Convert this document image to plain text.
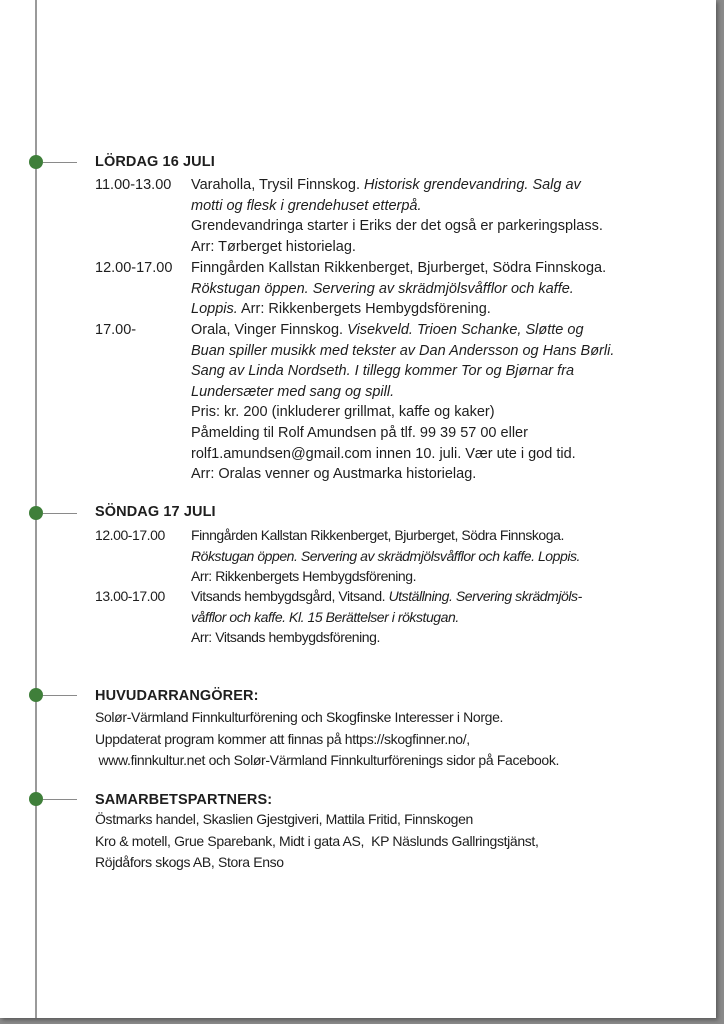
LÖRDAG 16 JULI
11.00-13.00 Varaholla, Trysil Finnskog. Historisk grendevandring. Salg av
motti og flesk i grendehuset etterpå.
Grendevandringa starter i Eriks der det også er parkeringsplass.
Arr: Tørberget historielag.
12.00-17.00 Finngården Kallstan Rikkenberget, Bjurberget, Södra Finnskoga.
Rökstugan öppen. Servering av skrädmjölsvåfflor och kaffe.
Loppis. Arr: Rikkenbergets Hembygdsförening.
17.00-	Orala, Vinger Finnskog. Visekveld. Trioen Schanke, Sløtte og
Buan spiller musikk med tekster av Dan Andersson og Hans Børli.
Sang av Linda Nordseth. I tillegg kommer Tor og Bjørnar fra
Lundersæter med sang og spill.
Pris: kr. 200 (inkluderer grillmat, kaffe og kaker)
Påmelding til Rolf Amundsen på tlf. 99 39 57 00 eller
rolf1.amundsen@gmail.com innen 10. juli. Vær ute i god tid.
Arr: Oralas venner og Austmarka historielag.
SÖNDAG 17 JULI
12.00-17.00 Finngården Kallstan Rikkenberget, Bjurberget, Södra Finnskoga.
Rökstugan öppen. Servering av skrädmjölsvåfflor och kaffe. Loppis.
Arr: Rikkenbergets Hembygdsförening.
13.00-17.00 Vitsands hembygdsgård, Vitsand. Utställning. Servering skrädmjöls-
våfflor och kaffe. Kl. 15 Berättelser i rökstugan.
Arr: Vitsands hembygdsförening.
HUVUDARRANGÖRER:
Solør-Värmland Finnkulturförening och Skogfinske Interesser i Norge.
Uppdaterat program kommer att finnas på https://skogfinner.no/,
www.finnkultur.net och Solør-Värmland Finnkulturförenings sidor på Facebook.
SAMARBETSPARTNERS:
Östmarks handel, Skaslien Gjestgiveri, Mattila Fritid, Finnskogen
Kro & motell, Grue Sparebank, Midt i gata AS,  KP Näslunds Gallringstjänst,
Röjdåfors skogs AB, Stora Enso
